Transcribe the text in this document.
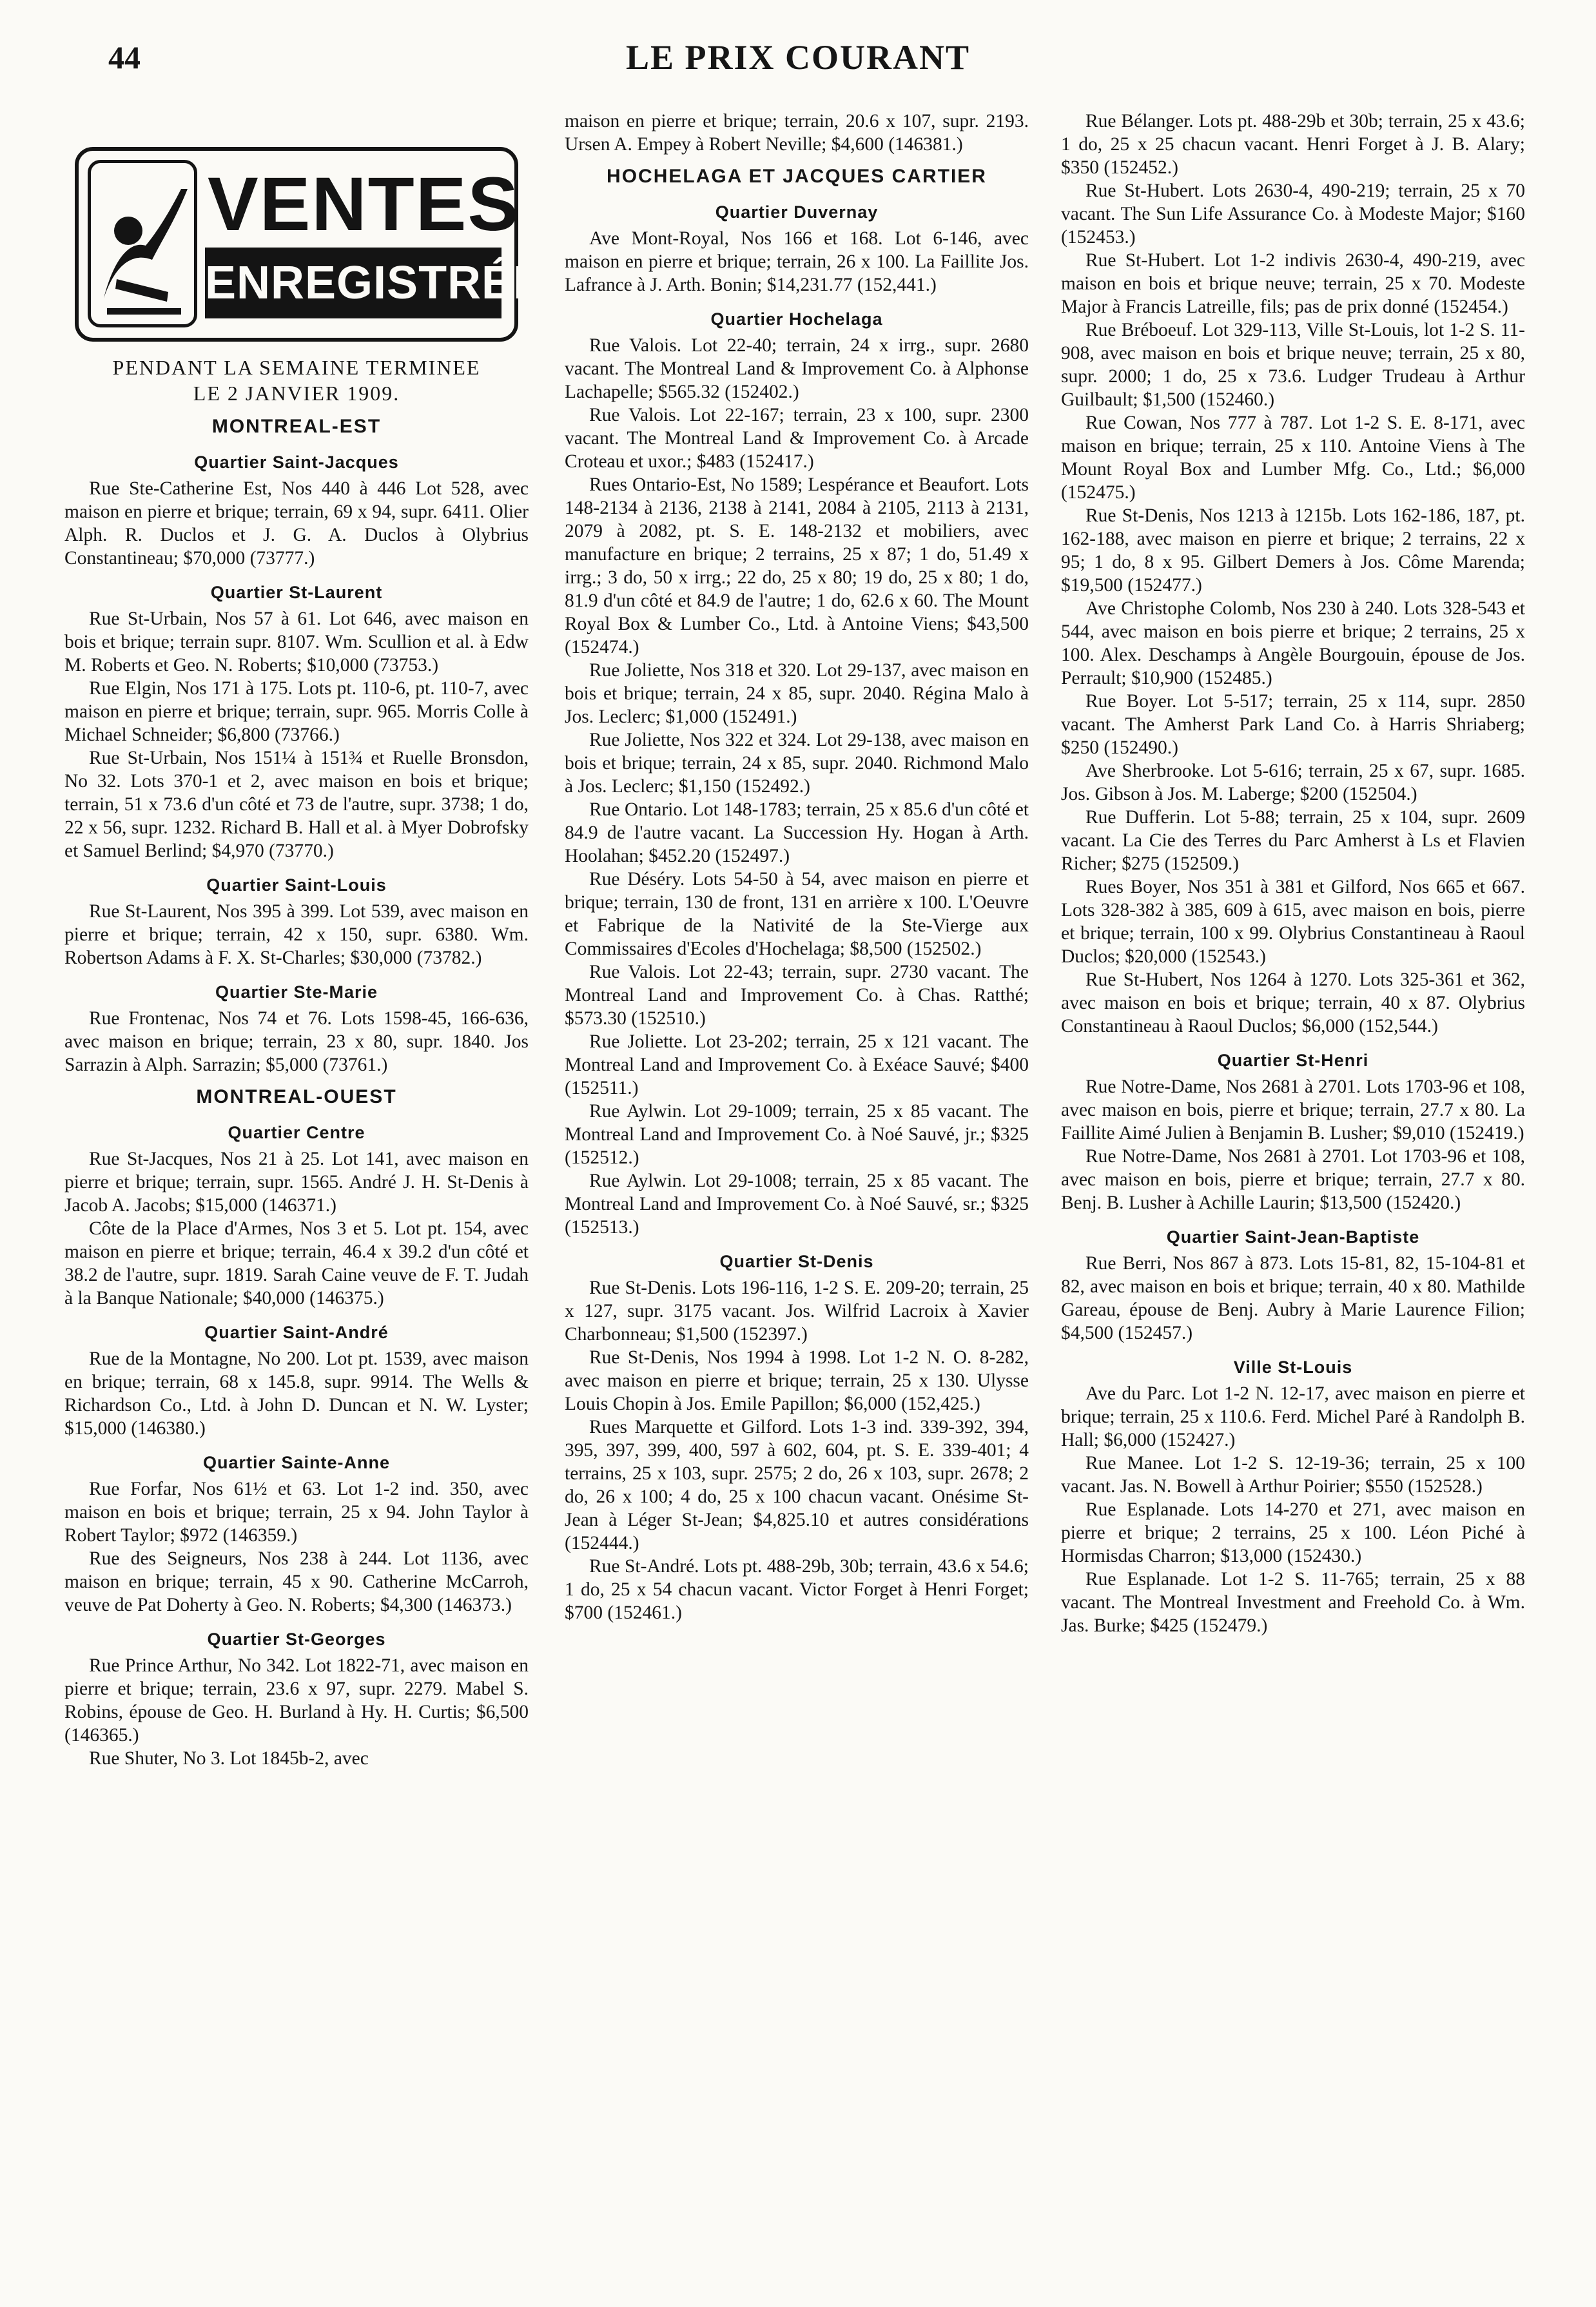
44	LE PRIX COURANT
VENTES
ENREGISTRÉES
PENDANT LA SEMAINE TERMINEE
LE 2 JANVIER 1909.
MONTREAL-EST
Quartier Saint-Jacques
Rue Ste-Catherine Est, Nos 440 à 446 Lot 528, avec maison en pierre et brique; terrain, 69 x 94, supr. 6411. Olier Alph. R. Duclos et J. G. A. Duclos à Olybrius Constantineau; $70,000 (73777.)
Quartier St-Laurent
Rue St-Urbain, Nos 57 à 61. Lot 646, avec maison en bois et brique; terrain supr. 8107. Wm. Scullion et al. à Edw M. Roberts et Geo. N. Roberts; $10,000 (73753.)
Rue Elgin, Nos 171 à 175. Lots pt. 110-6, pt. 110-7, avec maison en pierre et brique; terrain, supr. 965. Morris Colle à Michael Schneider; $6,800 (73766.)
Rue St-Urbain, Nos 151¼ à 151¾ et Ruelle Bronsdon, No 32. Lots 370-1 et 2, avec maison en bois et brique; terrain, 51 x 73.6 d'un côté et 73 de l'autre, supr. 3738; 1 do, 22 x 56, supr. 1232. Richard B. Hall et al. à Myer Dobrofsky et Samuel Berlind; $4,970 (73770.)
Quartier Saint-Louis
Rue St-Laurent, Nos 395 à 399. Lot 539, avec maison en pierre et brique; terrain, 42 x 150, supr. 6380. Wm. Robertson Adams à F. X. St-Charles; $30,000 (73782.)
Quartier Ste-Marie
Rue Frontenac, Nos 74 et 76. Lots 1598-45, 166-636, avec maison en brique; terrain, 23 x 80, supr. 1840. Jos Sarrazin à Alph. Sarrazin; $5,000 (73761.)
MONTREAL-OUEST
Quartier Centre
Rue St-Jacques, Nos 21 à 25. Lot 141, avec maison en pierre et brique; terrain, supr. 1565. André J. H. St-Denis à Jacob A. Jacobs; $15,000 (146371.)
Côte de la Place d'Armes, Nos 3 et 5. Lot pt. 154, avec maison en pierre et brique; terrain, 46.4 x 39.2 d'un côté et 38.2 de l'autre, supr. 1819. Sarah Caine veuve de F. T. Judah à la Banque Nationale; $40,000 (146375.)
Quartier Saint-André
Rue de la Montagne, No 200. Lot pt. 1539, avec maison en brique; terrain, 68 x 145.8, supr. 9914. The Wells & Richardson Co., Ltd. à John D. Duncan et N. W. Lyster; $15,000 (146380.)
Quartier Sainte-Anne
Rue Forfar, Nos 61½ et 63. Lot 1-2 ind. 350, avec maison en bois et brique; terrain, 25 x 94. John Taylor à Robert Taylor; $972 (146359.)
Rue des Seigneurs, Nos 238 à 244. Lot 1136, avec maison en brique; terrain, 45 x 90. Catherine McCarroh, veuve de Pat Doherty à Geo. N. Roberts; $4,300 (146373.)
Quartier St-Georges
Rue Prince Arthur, No 342. Lot 1822-71, avec maison en pierre et brique; terrain, 23.6 x 97, supr. 2279. Mabel S. Robins, épouse de Geo. H. Burland à Hy. H. Curtis; $6,500 (146365.)
Rue Shuter, No 3. Lot 1845b-2, avec
maison en pierre et brique; terrain, 20.6 x 107, supr. 2193. Ursen A. Empey à Robert Neville; $4,600 (146381.)
HOCHELAGA ET JACQUES CARTIER
Quartier Duvernay
Ave Mont-Royal, Nos 166 et 168. Lot 6-146, avec maison en pierre et brique; terrain, 26 x 100. La Faillite Jos. Lafrance à J. Arth. Bonin; $14,231.77 (152,441.)
Quartier Hochelaga
Rue Valois. Lot 22-40; terrain, 24 x irrg., supr. 2680 vacant. The Montreal Land & Improvement Co. à Alphonse Lachapelle; $565.32 (152402.)
Rue Valois. Lot 22-167; terrain, 23 x 100, supr. 2300 vacant. The Montreal Land & Improvement Co. à Arcade Croteau et uxor.; $483 (152417.)
Rues Ontario-Est, No 1589; Lespérance et Beaufort. Lots 148-2134 à 2136, 2138 à 2141, 2084 à 2105, 2113 à 2131, 2079 à 2082, pt. S. E. 148-2132 et mobiliers, avec manufacture en brique; 2 terrains, 25 x 87; 1 do, 51.49 x irrg.; 3 do, 50 x irrg.; 22 do, 25 x 80; 19 do, 25 x 80; 1 do, 81.9 d'un côté et 84.9 de l'autre; 1 do, 62.6 x 60. The Mount Royal Box & Lumber Co., Ltd. à Antoine Viens; $43,500 (152474.)
Rue Joliette, Nos 318 et 320. Lot 29-137, avec maison en bois et brique; terrain, 24 x 85, supr. 2040. Régina Malo à Jos. Leclerc; $1,000 (152491.)
Rue Joliette, Nos 322 et 324. Lot 29-138, avec maison en bois et brique; terrain, 24 x 85, supr. 2040. Richmond Malo à Jos. Leclerc; $1,150 (152492.)
Rue Ontario. Lot 148-1783; terrain, 25 x 85.6 d'un côté et 84.9 de l'autre vacant. La Succession Hy. Hogan à Arth. Hoolahan; $452.20 (152497.)
Rue Déséry. Lots 54-50 à 54, avec maison en pierre et brique; terrain, 130 de front, 131 en arrière x 100. L'Oeuvre et Fabrique de la Nativité de la Ste-Vierge aux Commissaires d'Ecoles d'Hochelaga; $8,500 (152502.)
Rue Valois. Lot 22-43; terrain, supr. 2730 vacant. The Montreal Land and Improvement Co. à Chas. Ratthé; $573.30 (152510.)
Rue Joliette. Lot 23-202; terrain, 25 x 121 vacant. The Montreal Land and Improvement Co. à Exéace Sauvé; $400 (152511.)
Rue Aylwin. Lot 29-1009; terrain, 25 x 85 vacant. The Montreal Land and Improvement Co. à Noé Sauvé, jr.; $325 (152512.)
Rue Aylwin. Lot 29-1008; terrain, 25 x 85 vacant. The Montreal Land and Improvement Co. à Noé Sauvé, sr.; $325 (152513.)
Quartier St-Denis
Rue St-Denis. Lots 196-116, 1-2 S. E. 209-20; terrain, 25 x 127, supr. 3175 vacant. Jos. Wilfrid Lacroix à Xavier Charbonneau; $1,500 (152397.)
Rue St-Denis, Nos 1994 à 1998. Lot 1-2 N. O. 8-282, avec maison en pierre et brique; terrain, 25 x 130. Ulysse Louis Chopin à Jos. Emile Papillon; $6,000 (152,425.)
Rues Marquette et Gilford. Lots 1-3 ind. 339-392, 394, 395, 397, 399, 400, 597 à 602, 604, pt. S. E. 339-401; 4 terrains, 25 x 103, supr. 2575; 2 do, 26 x 103, supr. 2678; 2 do, 26 x 100; 4 do, 25 x 100 chacun vacant. Onésime St-Jean à Léger St-Jean; $4,825.10 et autres considérations (152444.)
Rue St-André. Lots pt. 488-29b, 30b; terrain, 43.6 x 54.6; 1 do, 25 x 54 chacun vacant. Victor Forget à Henri Forget; $700 (152461.)
Rue Bélanger. Lots pt. 488-29b et 30b; terrain, 25 x 43.6; 1 do, 25 x 25 chacun vacant. Henri Forget à J. B. Alary; $350 (152452.)
Rue St-Hubert. Lots 2630-4, 490-219; terrain, 25 x 70 vacant. The Sun Life Assurance Co. à Modeste Major; $160 (152453.)
Rue St-Hubert. Lot 1-2 indivis 2630-4, 490-219, avec maison en bois et brique neuve; terrain, 25 x 70. Modeste Major à Francis Latreille, fils; pas de prix donné (152454.)
Rue Bréboeuf. Lot 329-113, Ville St-Louis, lot 1-2 S. 11-908, avec maison en bois et brique neuve; terrain, 25 x 80, supr. 2000; 1 do, 25 x 73.6. Ludger Trudeau à Arthur Guilbault; $1,500 (152460.)
Rue Cowan, Nos 777 à 787. Lot 1-2 S. E. 8-171, avec maison en brique; terrain, 25 x 110. Antoine Viens à The Mount Royal Box and Lumber Mfg. Co., Ltd.; $6,000 (152475.)
Rue St-Denis, Nos 1213 à 1215b. Lots 162-186, 187, pt. 162-188, avec maison en pierre et brique; 2 terrains, 22 x 95; 1 do, 8 x 95. Gilbert Demers à Jos. Côme Marenda; $19,500 (152477.)
Ave Christophe Colomb, Nos 230 à 240. Lots 328-543 et 544, avec maison en bois pierre et brique; 2 terrains, 25 x 100. Alex. Deschamps à Angèle Bourgouin, épouse de Jos. Perrault; $10,900 (152485.)
Rue Boyer. Lot 5-517; terrain, 25 x 114, supr. 2850 vacant. The Amherst Park Land Co. à Harris Shriaberg; $250 (152490.)
Ave Sherbrooke. Lot 5-616; terrain, 25 x 67, supr. 1685. Jos. Gibson à Jos. M. Laberge; $200 (152504.)
Rue Dufferin. Lot 5-88; terrain, 25 x 104, supr. 2609 vacant. La Cie des Terres du Parc Amherst à Ls et Flavien Richer; $275 (152509.)
Rues Boyer, Nos 351 à 381 et Gilford, Nos 665 et 667. Lots 328-382 à 385, 609 à 615, avec maison en bois, pierre et brique; terrain, 100 x 99. Olybrius Constantineau à Raoul Duclos; $20,000 (152543.)
Rue St-Hubert, Nos 1264 à 1270. Lots 325-361 et 362, avec maison en bois et brique; terrain, 40 x 87. Olybrius Constantineau à Raoul Duclos; $6,000 (152,544.)
Quartier St-Henri
Rue Notre-Dame, Nos 2681 à 2701. Lots 1703-96 et 108, avec maison en bois, pierre et brique; terrain, 27.7 x 80. La Faillite Aimé Julien à Benjamin B. Lusher; $9,010 (152419.)
Rue Notre-Dame, Nos 2681 à 2701. Lot 1703-96 et 108, avec maison en bois, pierre et brique; terrain, 27.7 x 80. Benj. B. Lusher à Achille Laurin; $13,500 (152420.)
Quartier Saint-Jean-Baptiste
Rue Berri, Nos 867 à 873. Lots 15-81, 82, 15-104-81 et 82, avec maison en bois et brique; terrain, 40 x 80. Mathilde Gareau, épouse de Benj. Aubry à Marie Laurence Filion; $4,500 (152457.)
Ville St-Louis
Ave du Parc. Lot 1-2 N. 12-17, avec maison en pierre et brique; terrain, 25 x 110.6. Ferd. Michel Paré à Randolph B. Hall; $6,000 (152427.)
Rue Manee. Lot 1-2 S. 12-19-36; terrain, 25 x 100 vacant. Jas. N. Bowell à Arthur Poirier; $550 (152528.)
Rue Esplanade. Lots 14-270 et 271, avec maison en pierre et brique; 2 terrains, 25 x 100. Léon Piché à Hormisdas Charron; $13,000 (152430.)
Rue Esplanade. Lot 1-2 S. 11-765; terrain, 25 x 88 vacant. The Montreal Investment and Freehold Co. à Wm. Jas. Burke; $425 (152479.)
